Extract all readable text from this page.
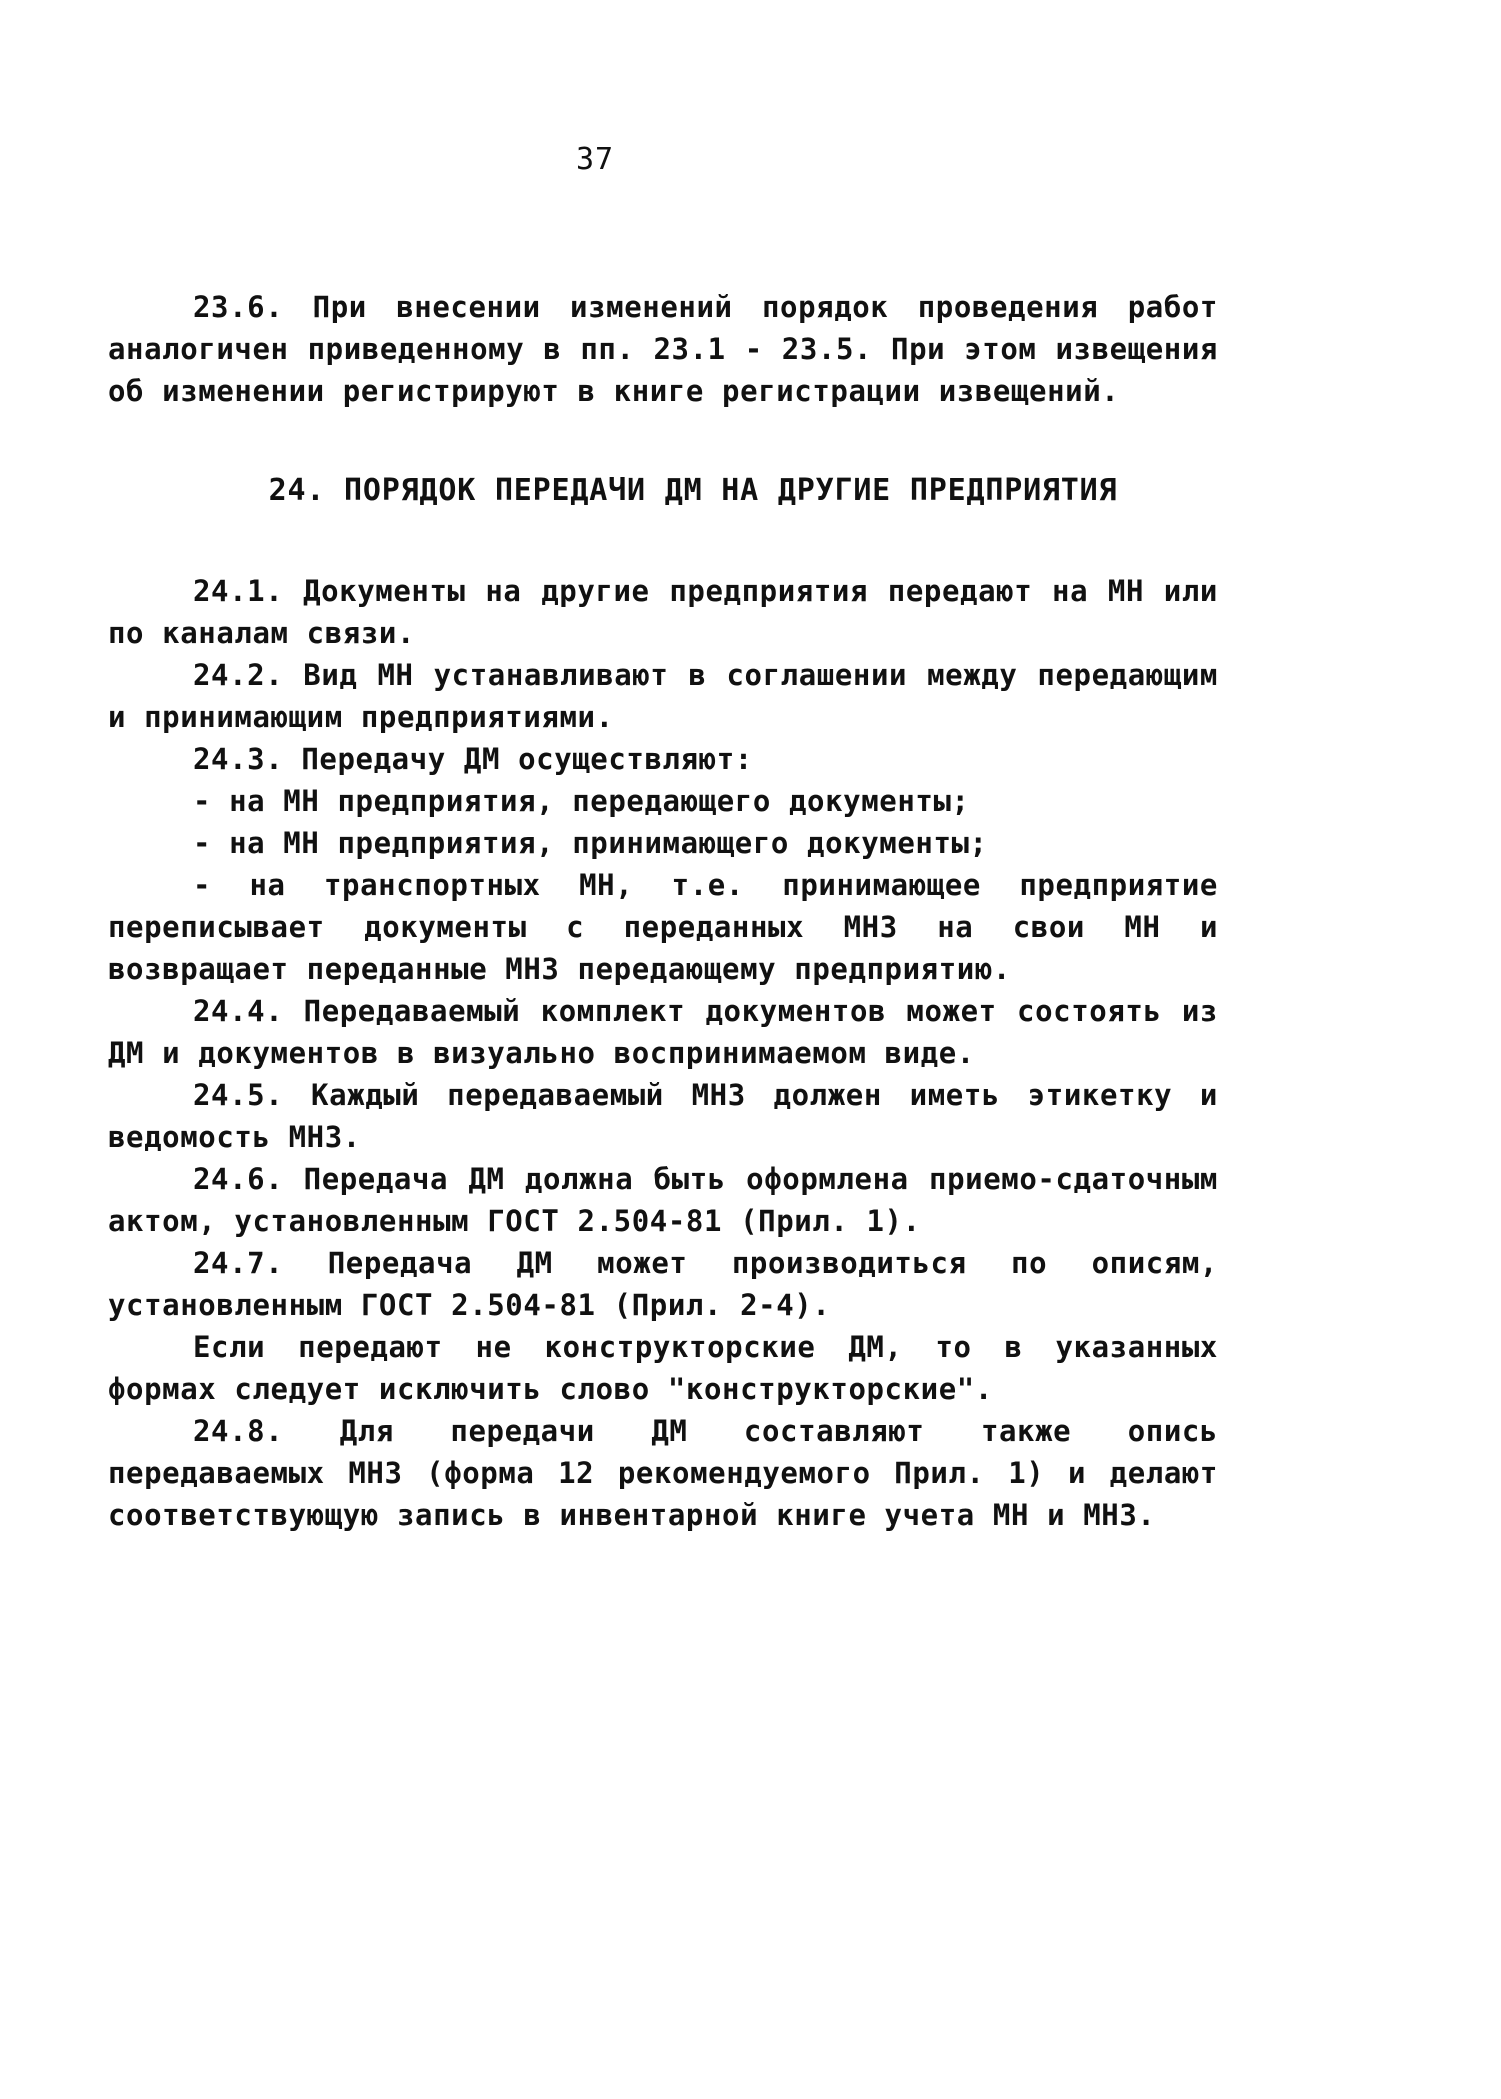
37

23.6. При внесении изменений порядок проведения работ аналогичен приведенному в пп. 23.1 - 23.5. При этом извещения об изменении регистрируют в книге регистрации извещений.

24. ПОРЯДОК ПЕРЕДАЧИ ДМ НА ДРУГИЕ ПРЕДПРИЯТИЯ

24.1. Документы на другие предприятия передают на МН или по каналам связи.

24.2. Вид МН устанавливают в соглашении между передающим и принимающим предприятиями.

24.3. Передачу ДМ осуществляют:

- на МН предприятия, передающего документы;

- на МН предприятия, принимающего документы;

- на транспортных МН, т.е. принимающее предприятие переписывает документы с переданных МНЗ на свои МН и возвращает переданные МНЗ передающему предприятию.

24.4. Передаваемый комплект документов может состоять из ДМ и документов в визуально воспринимаемом виде.

24.5. Каждый передаваемый МНЗ должен иметь этикетку и ведомость МНЗ.

24.6. Передача ДМ должна быть оформлена приемо-сдаточным актом, установленным ГОСТ 2.504-81 (Прил. 1).

24.7. Передача ДМ может производиться по описям, установленным ГОСТ 2.504-81 (Прил. 2-4).

Если передают не конструкторские ДМ, то в указанных формах следует исключить слово "конструкторские".

24.8. Для передачи ДМ составляют также опись передаваемых МНЗ (форма 12 рекомендуемого Прил. 1) и делают соответствующую запись в инвентарной книге учета МН и МНЗ.
